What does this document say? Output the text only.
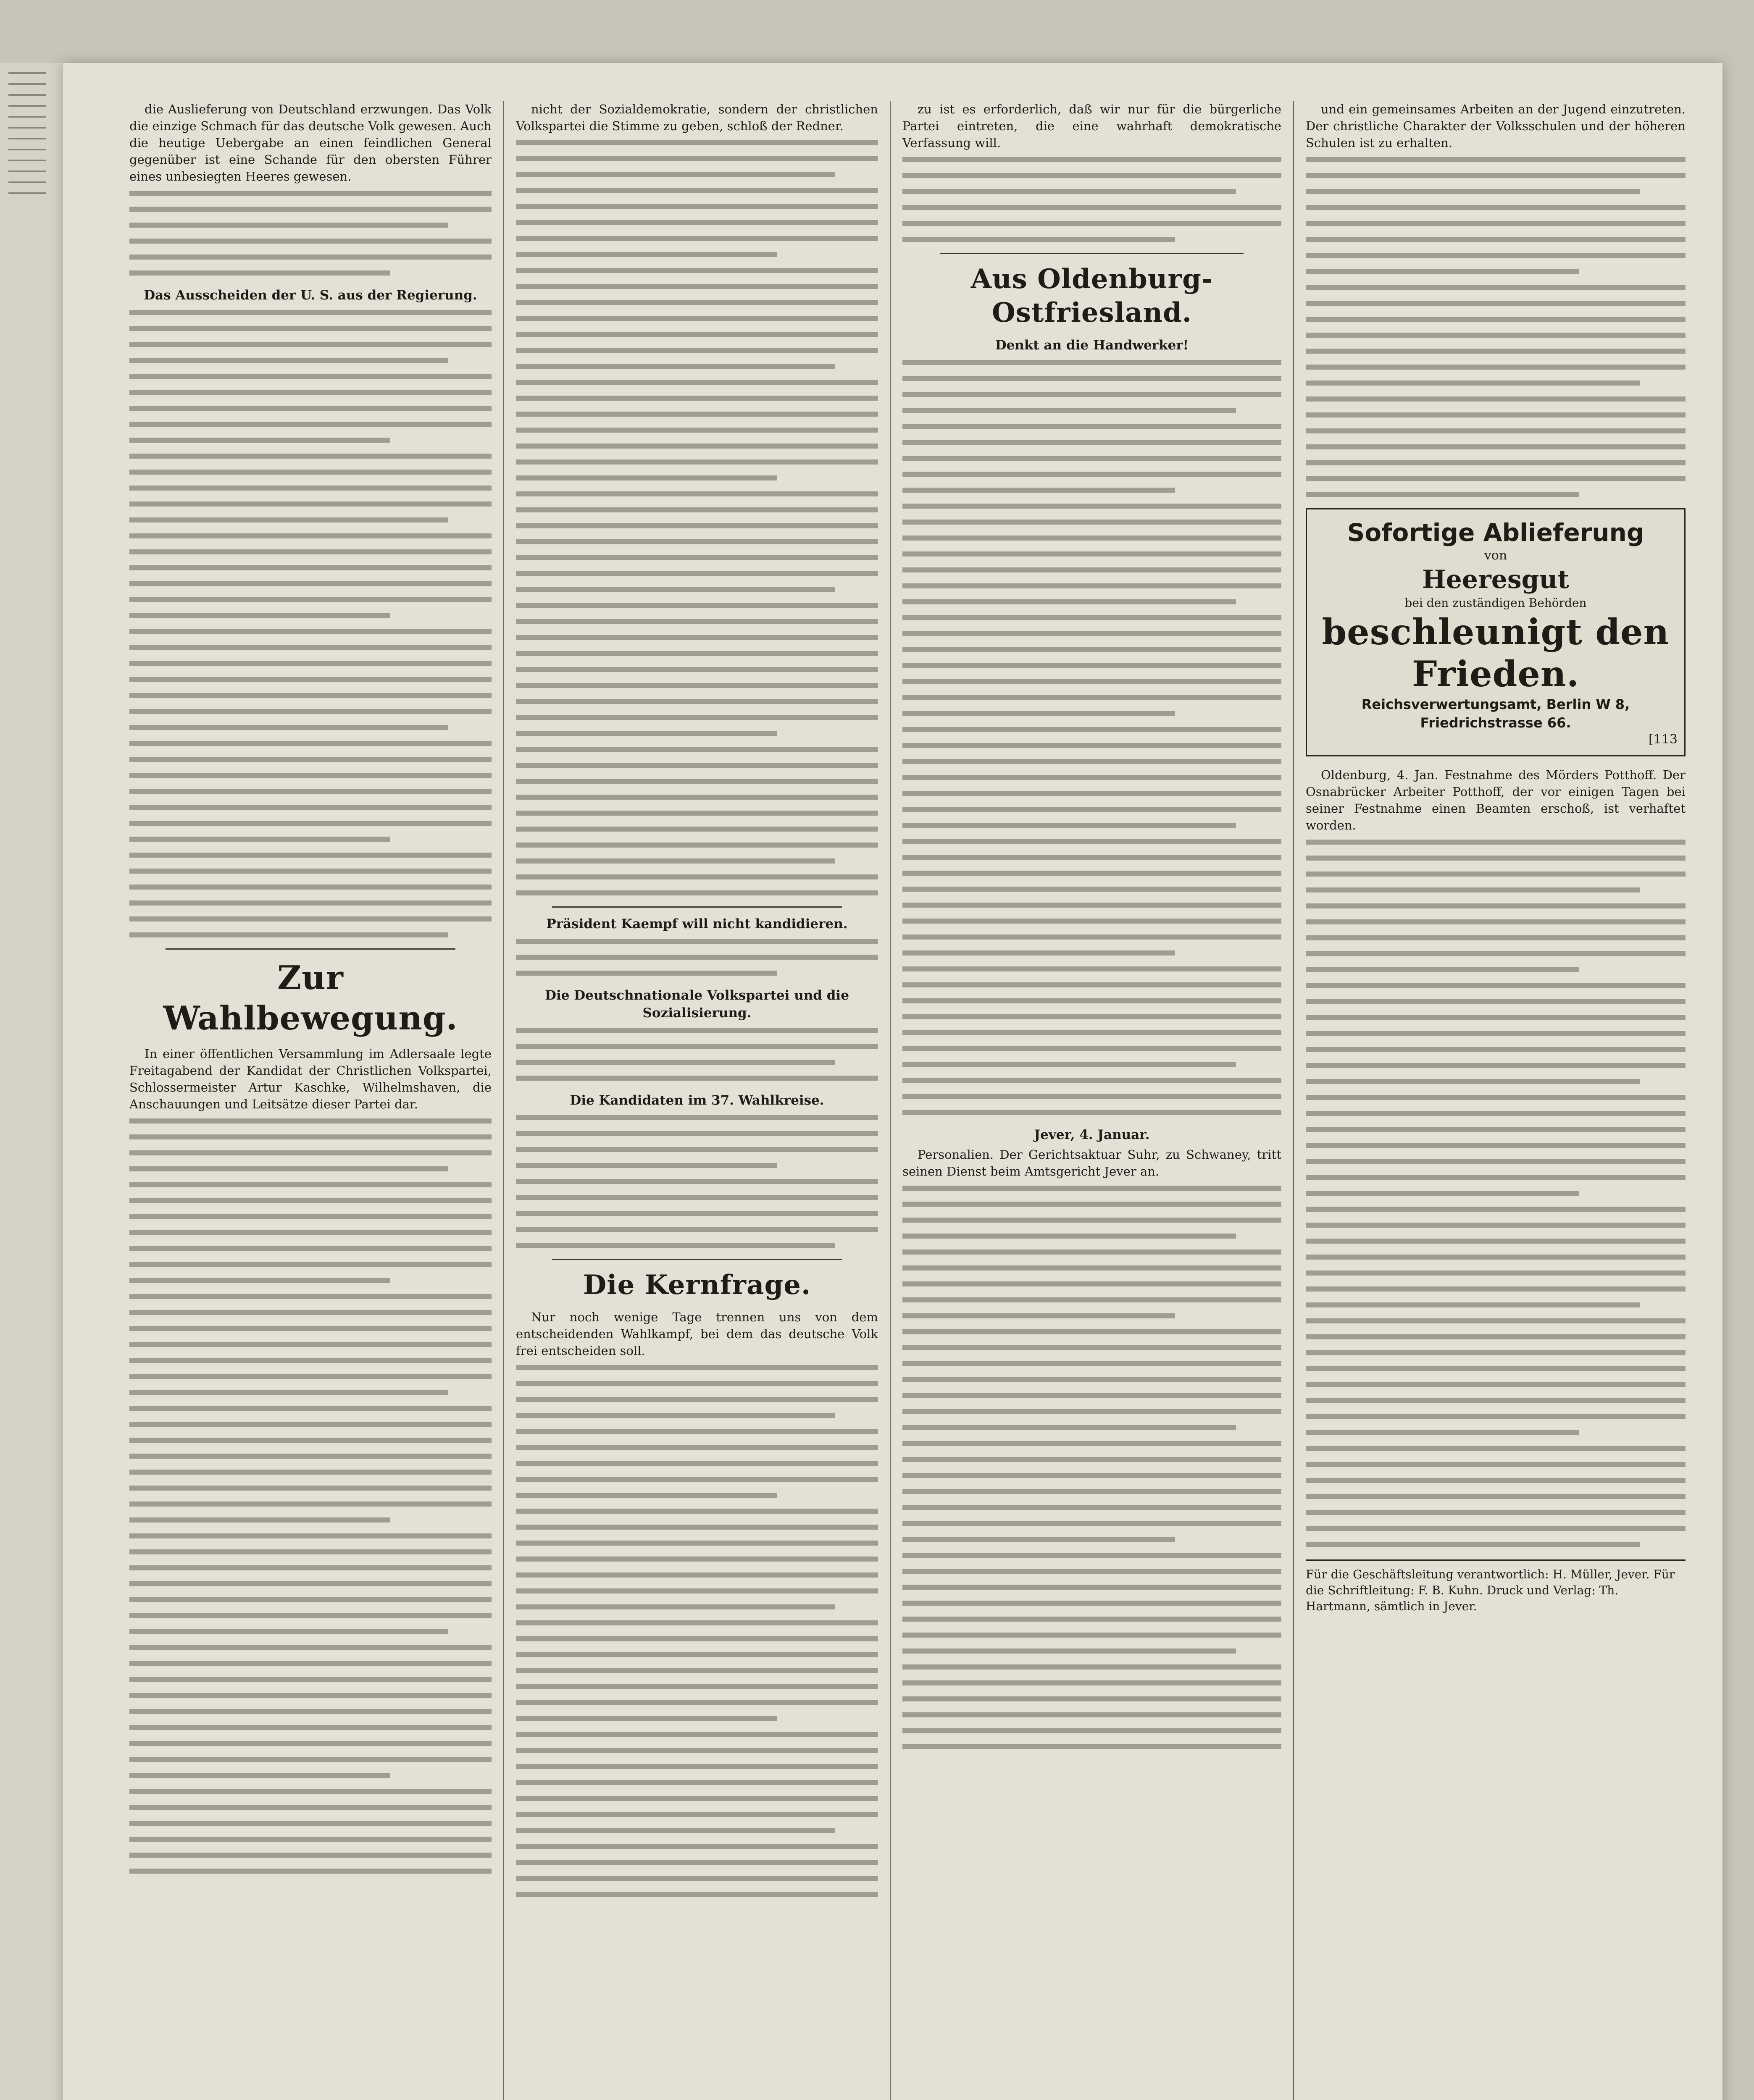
die Auslieferung von Deutschland erzwungen. Das Volk die einzige Schmach für das deutsche Volk gewesen. Auch die heutige Uebergabe an einen feindlichen General gegenüber ist eine Schande für den obersten Führer eines unbesiegten Heeres gewesen.

Das Ausscheiden der U. S. aus der Regierung.
Zur Wahlbewegung.

In einer öffentlichen Versammlung im Adlersaale legte Freitagabend der Kandidat der Christlichen Volkspartei, Schlossermeister Artur Kaschke, Wilhelmshaven, die Anschauungen und Leitsätze dieser Partei dar.

nicht der Sozialdemokratie, sondern der christlichen Volkspartei die Stimme zu geben, schloß der Redner.

Präsident Kaempf will nicht kandidieren.
Die Deutschnationale Volkspartei und die Sozialisierung.
Die Kandidaten im 37. Wahlkreise.
Die Kernfrage.

Nur noch wenige Tage trennen uns von dem entscheidenden Wahlkampf, bei dem das deutsche Volk frei entscheiden soll.

zu ist es erforderlich, daß wir nur für die bürgerliche Partei eintreten, die eine wahrhaft demokratische Verfassung will.

Aus Oldenburg-Ostfriesland.
Denkt an die Handwerker!
Jever, 4. Januar.

Personalien. Der Gerichtsaktuar Suhr, zu Schwaney, tritt seinen Dienst beim Amtsgericht Jever an.

und ein gemeinsames Arbeiten an der Jugend einzutreten. Der christliche Charakter der Volksschulen und der höheren Schulen ist zu erhalten.

Sofortige Ablieferung
von
Heeresgut
bei den zuständigen Behörden
beschleunigt den Frieden.
Reichsverwertungsamt, Berlin W 8, Friedrichstrasse 66.
[113

Oldenburg, 4. Jan. Festnahme des Mörders Potthoff. Der Osnabrücker Arbeiter Potthoff, der vor einigen Tagen bei seiner Festnahme einen Beamten erschoß, ist verhaftet worden.

Für die Geschäftsleitung verantwortlich: H. Müller, Jever. Für die Schriftleitung: F. B. Kuhn. Druck und Verlag: Th. Hartmann, sämtlich in Jever.
